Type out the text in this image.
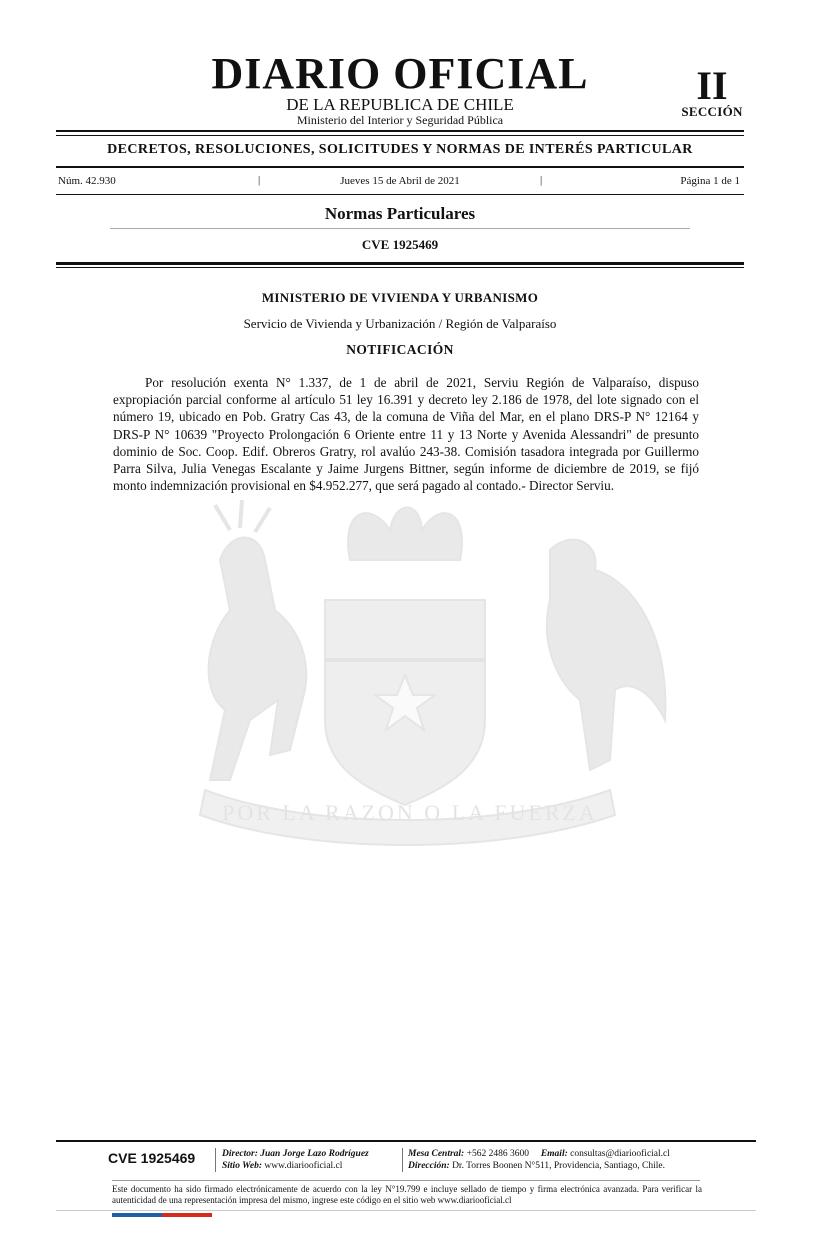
DIARIO OFICIAL
DE LA REPUBLICA DE CHILE
Ministerio del Interior y Seguridad Pública
II
SECCIÓN
DECRETOS, RESOLUCIONES, SOLICITUDES Y NORMAS DE INTERÉS PARTICULAR
Núm. 42.930	|	Jueves 15 de Abril de 2021	|	Página 1 de 1
Normas Particulares
CVE 1925469
POR LA RAZON O LA FUERZA
MINISTERIO DE VIVIENDA Y URBANISMO
Servicio de Vivienda y Urbanización / Región de Valparaíso
NOTIFICACIÓN
Por resolución exenta N° 1.337, de 1 de abril de 2021, Serviu Región de Valparaíso, dispuso expropiación parcial conforme al artículo 51 ley 16.391 y decreto ley 2.186 de 1978, del lote signado con el número 19, ubicado en Pob. Gratry Cas 43, de la comuna de Viña del Mar, en el plano DRS-P N° 12164 y DRS-P N° 10639 "Proyecto Prolongación 6 Oriente entre 11 y 13 Norte y Avenida Alessandri" de presunto dominio de Soc. Coop. Edif. Obreros Gratry, rol avalúo 243-38. Comisión tasadora integrada por Guillermo Parra Silva, Julia Venegas Escalante y Jaime Jurgens Bittner, según informe de diciembre de 2019, se fijó monto indemnización provisional en $4.952.277, que será pagado al contado.- Director Serviu.
CVE 1925469	Director: Juan Jorge Lazo Rodríguez
Sitio Web: www.diariooficial.cl
Mesa Central: +562 2486 3600 Email: consultas@diariooficial.cl
Dirección: Dr. Torres Boonen N°511, Providencia, Santiago, Chile.
Este documento ha sido firmado electrónicamente de acuerdo con la ley N°19.799 e incluye sellado de tiempo y firma electrónica avanzada. Para verificar la autenticidad de una representación impresa del mismo, ingrese este código en el sitio web www.diariooficial.cl
